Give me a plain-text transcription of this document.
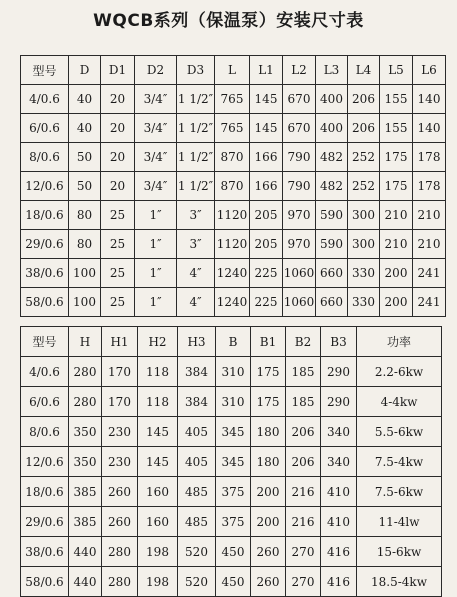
WQCB系列（保温泵）安装尺寸表
型号	D	D1	D2	D3	L	L1	L2	L3	L4	L5	L6
4/0.6	40	20	3/4″	1 1/2″	765	145	670	400	206	155	140
6/0.6	40	20	3/4″	1 1/2″	765	145	670	400	206	155	140
8/0.6	50	20	3/4″	1 1/2″	870	166	790	482	252	175	178
12/0.6	50	20	3/4″	1 1/2″	870	166	790	482	252	175	178
18/0.6	80	25	1″	3″	1120	205	970	590	300	210	210
29/0.6	80	25	1″	3″	1120	205	970	590	300	210	210
38/0.6	100	25	1″	4″	1240	225	1060	660	330	200	241
58/0.6	100	25	1″	4″	1240	225	1060	660	330	200	241
型号	H	H1	H2	H3	B	B1	B2	B3	功率
4/0.6	280	170	118	384	310	175	185	290	2.2-6kw
6/0.6	280	170	118	384	310	175	185	290	4-4kw
8/0.6	350	230	145	405	345	180	206	340	5.5-6kw
12/0.6	350	230	145	405	345	180	206	340	7.5-4kw
18/0.6	385	260	160	485	375	200	216	410	7.5-6kw
29/0.6	385	260	160	485	375	200	216	410	11-4lw
38/0.6	440	280	198	520	450	260	270	416	15-6kw
58/0.6	440	280	198	520	450	260	270	416	18.5-4kw
